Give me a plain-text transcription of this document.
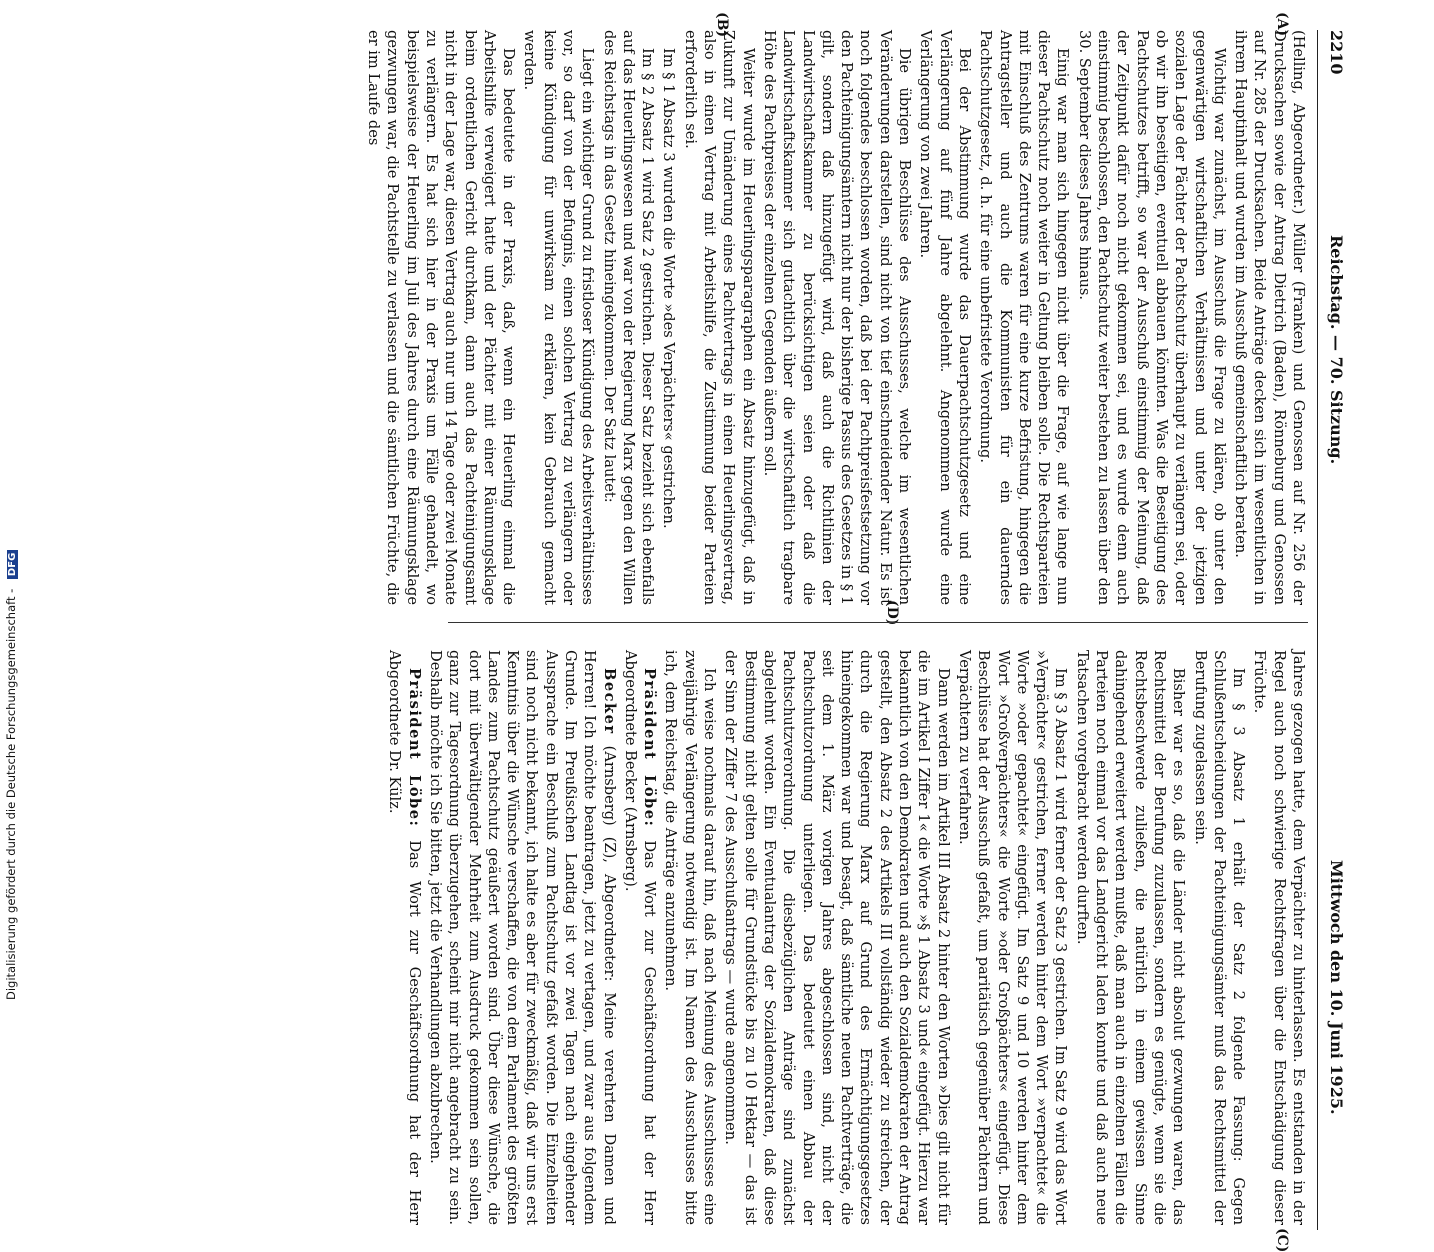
2210
Reichstag. — 70. Sitzung.
Mittwoch den 10. Juni 1925.
(A)
(B)
(C)
(D)

(Helling, Abgeordneter.) Müller (Franken) und Genossen auf Nr. 256 der Drucksachen sowie der Antrag Dietrich (Baden), Rönneburg und Genossen auf Nr. 285 der Drucksachen. Beide Anträge decken sich im wesentlichen in ihrem Hauptinhalt und wurden im Ausschuß gemeinschaftlich beraten.

Wichtig war zunächst, im Ausschuß die Frage zu klären, ob unter den gegenwärtigen wirtschaftlichen Verhältnissen und unter der jetzigen sozialen Lage der Pächter der Pachtschutz überhaupt zu verlängern sei, oder ob wir ihn beseitigen, eventuell abbauen könnten. Was die Beseitigung des Pachtschutzes betrifft, so war der Ausschuß einstimmig der Meinung, daß der Zeitpunkt dafür noch nicht gekommen sei, und es wurde denn auch einstimmig beschlossen, den Pachtschutz weiter bestehen zu lassen über den 30. September dieses Jahres hinaus.

Einig war man sich hingegen nicht über die Frage, auf wie lange nun dieser Pachtschutz noch weiter in Geltung bleiben solle. Die Rechtsparteien mit Einschluß des Zentrums waren für eine kurze Befristung, hingegen die Antragsteller und auch die Kommunisten für ein dauerndes Pachtschutzgesetz, d. h. für eine unbefristete Verordnung.

Bei der Abstimmung wurde das Dauerpachtschutzgesetz und eine Verlängerung auf fünf Jahre abgelehnt. Angenommen wurde eine Verlängerung von zwei Jahren.

Die übrigen Beschlüsse des Ausschusses, welche im wesentlichen Veränderungen darstellen, sind nicht von tief einschneidender Natur. Es ist noch folgendes beschlossen worden, daß bei der Pachtpreisfestsetzung vor den Pachteinigungsämtern nicht nur der bisherige Passus des Gesetzes in § 1 gilt, sondern daß hinzugefügt wird, daß auch die Richtlinien der Landwirtschaftskammer zu berücksichtigen seien oder daß die Landwirtschaftskammer sich gutachtlich über die wirtschaftlich tragbare Höhe des Pachtpreises der einzelnen Gegenden äußern soll.

Weiter wurde im Heuerlingsparagraphen ein Absatz hinzugefügt, daß in Zukunft zur Umänderung eines Pachtvertrags in einen Heuerlingsvertrag, also in einen Vertrag mit Arbeitshilfe, die Zustimmung beider Parteien erforderlich sei.

Im § 1 Absatz 3 wurden die Worte »des Verpächters« gestrichen.

Im § 2 Absatz 1 wird Satz 2 gestrichen. Dieser Satz bezieht sich ebenfalls auf das Heuerlingswesen und war von der Regierung Marx gegen den Willen des Reichstags in das Gesetz hineingekommen. Der Satz lautet:

Liegt ein wichtiger Grund zu fristloser Kündigung des Arbeitsverhältnisses vor, so darf von der Befugnis, einen solchen Vertrag zu verlängern oder keine Kündigung für unwirksam zu erklären, kein Gebrauch gemacht werden.

Das bedeutete in der Praxis, daß, wenn ein Heuerling einmal die Arbeitshilfe verweigert hatte und der Pächter mit einer Räumungsklage beim ordentlichen Gericht durchkam, dann auch das Pachteinigungsamt nicht in der Lage war, diesen Vertrag auch nur um 14 Tage oder zwei Monate zu verlängern. Es hat sich hier in der Praxis um Fälle gehandelt, wo beispielsweise der Heuerling im Juli des Jahres durch eine Räumungsklage gezwungen war, die Pachtstelle zu verlassen und die sämtlichen Früchte, die er im Laufe des

Jahres gezogen hatte, dem Verpächter zu hinterlassen. Es entstanden in der Regel auch noch schwierige Rechtsfragen über die Entschädigung dieser Früchte.

Im § 3 Absatz 1 erhält der Satz 2 folgende Fassung: Gegen Schlußentscheidungen der Pachteinigungsämter muß das Rechtsmittel der Berufung zugelassen sein.

Bisher war es so, daß die Länder nicht absolut gezwungen waren, das Rechtsmittel der Berufung zuzulassen, sondern es genügte, wenn sie die Rechtsbeschwerde zuließen, die natürlich in einem gewissen Sinne dahingehend erweitert werden mußte, daß man auch in einzelnen Fällen die Parteien noch einmal vor das Landgericht laden konnte und daß auch neue Tatsachen vorgebracht werden durften.

Im § 3 Absatz 1 wird ferner der Satz 3 gestrichen. Im Satz 9 wird das Wort »Verpächter« gestrichen, ferner werden hinter dem Wort »verpachtet« die Worte »oder gepachtet« eingefügt. Im Satz 9 und 10 werden hinter dem Wort »Großverpächters« die Worte »oder Großpächters« eingefügt. Diese Beschlüsse hat der Ausschuß gefaßt, um paritätisch gegenüber Pächtern und Verpächtern zu verfahren.

Dann werden im Artikel III Absatz 2 hinter den Worten »Dies gilt nicht für die im Artikel I Ziffer 1« die Worte »§ 1 Absatz 3 und« eingefügt. Hierzu war bekanntlich von den Demokraten und auch den Sozialdemokraten der Antrag gestellt, den Absatz 2 des Artikels III vollständig wieder zu streichen, der durch die Regierung Marx auf Grund des Ermächtigungsgesetzes hineingekommen war und besagt, daß sämtliche neuen Pachtverträge, die seit dem 1. März vorigen Jahres abgeschlossen sind, nicht der Pachtschutzordnung unterliegen. Das bedeutet einen Abbau der Pachtschutzverordnung. Die diesbezüglichen Anträge sind zunächst abgelehnt worden. Ein Eventualantrag der Sozialdemokraten, daß diese Bestimmung nicht gelten solle für Grundstücke bis zu 10 Hektar — das ist der Sinn der Ziffer 7 des Ausschußantrags — wurde angenommen.

Ich weise nochmals darauf hin, daß nach Meinung des Ausschusses eine zweijährige Verlängerung notwendig ist. Im Namen des Ausschusses bitte ich, dem Reichstag, die Anträge anzunehmen.

Präsident Löbe: Das Wort zur Geschäftsordnung hat der Herr Abgeordnete Becker (Arnsberg).

Becker (Arnsberg) (Z), Abgeordneter: Meine verehrten Damen und Herren! Ich möchte beantragen, jetzt zu vertagen, und zwar aus folgendem Grunde. Im Preußischen Landtag ist vor zwei Tagen nach eingehender Aussprache ein Beschluß zum Pachtschutz gefaßt worden. Die Einzelheiten sind noch nicht bekannt, ich halte es aber für zweckmäßig, daß wir uns erst Kenntnis über die Wünsche verschaffen, die von dem Parlament des größten Landes zum Pachtschutz geäußert worden sind. Über diese Wünsche, die dort mit überwältigender Mehrheit zum Ausdruck gekommen sein sollen, ganz zur Tagesordnung überzugehen, scheint mir nicht angebracht zu sein. Deshalb möchte ich Sie bitten, jetzt die Verhandlungen abzubrechen.

Präsident Löbe: Das Wort zur Geschäftsordnung hat der Herr Abgeordnete Dr. Külz.

Digitalisierung gefördert durch die Deutsche Forschungsgemeinschaft - DFG
